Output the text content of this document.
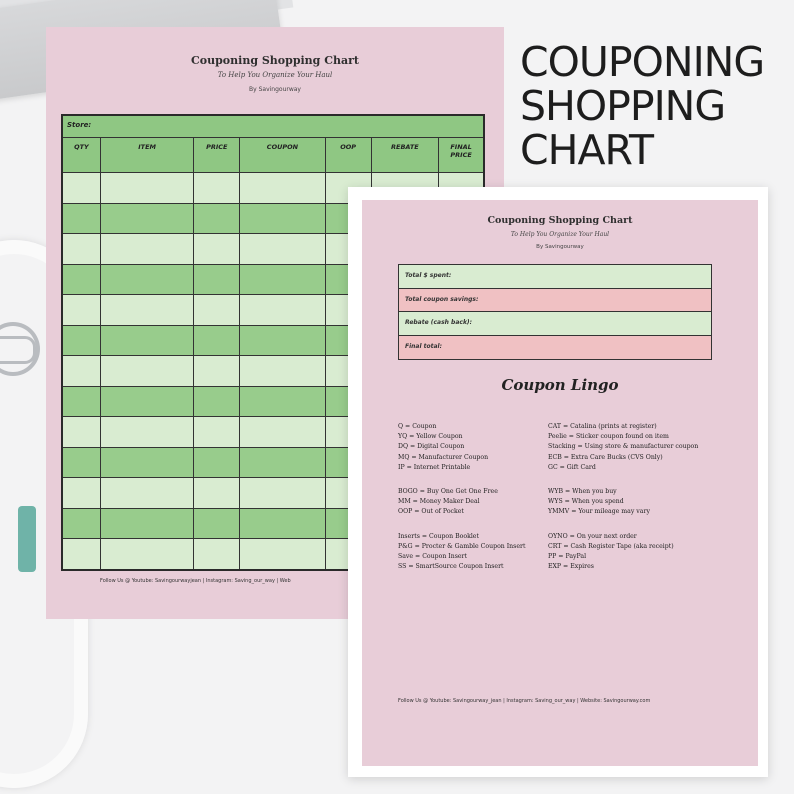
COUPONING
SHOPPING
CHART
Couponing Shopping Chart
To Help You Organize Your Haul
By Savingourway
Store:
QTY	ITEM	PRICE	COUPON	OOP	REBATE	FINAL PRICE
Follow Us @ Youtube: Savingourwayjean | Instagram: Saving_our_way | Web
Couponing Shopping Chart
To Help You Organize Your Haul
By Savingourway
Total $ spent:
Total coupon savings:
Rebate (cash back):
Final total:
Coupon Lingo
Q = Coupon
YQ = Yellow Coupon
DQ = Digital Coupon
MQ = Manufacturer Coupon
IP = Internet Printable
BOGO = Buy One Get One Free
MM = Money Maker Deal
OOP = Out of Pocket
Inserts = Coupon Booklet
P&G = Procter & Gamble Coupon Insert
Save = Coupon Insert
SS = SmartSource Coupon Insert
CAT = Catalina (prints at register)
Peelie = Sticker coupon found on item
Stacking = Using store & manufacturer coupon
ECB = Extra Care Bucks (CVS Only)
GC = Gift Card
WYB = When you buy
WYS = When you spend
YMMV = Your mileage may vary
OYNO = On your next order
CRT = Cash Register Tape (aka receipt)
PP = PayPal
EXP = Expires
Follow Us @ Youtube: Savingourway_jean | Instagram: Saving_our_way | Website: Savingourway.com
